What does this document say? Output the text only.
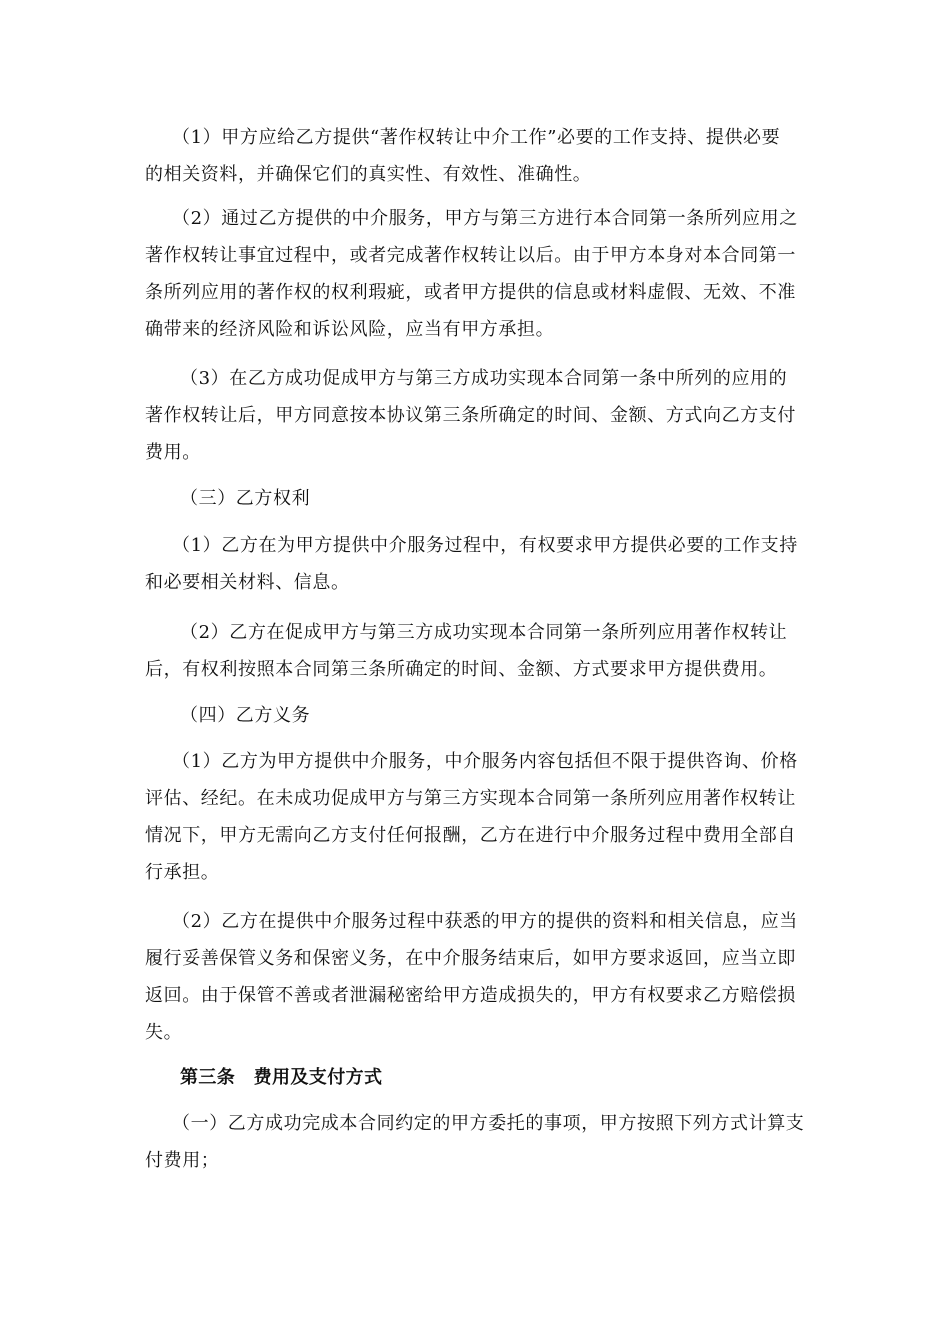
（1）甲方应给乙方提供“著作权转让中介工作”必要的工作支持、提供必要
的相关资料，并确保它们的真实性、有效性、准确性。
（2）通过乙方提供的中介服务，甲方与第三方进行本合同第一条所列应用之
著作权转让事宜过程中，或者完成著作权转让以后。由于甲方本身对本合同第一
条所列应用的著作权的权利瑕疵，或者甲方提供的信息或材料虚假、无效、不准
确带来的经济风险和诉讼风险，应当有甲方承担。
（3）在乙方成功促成甲方与第三方成功实现本合同第一条中所列的应用的
著作权转让后，甲方同意按本协议第三条所确定的时间、金额、方式向乙方支付
费用。
（三）乙方权利
（1）乙方在为甲方提供中介服务过程中，有权要求甲方提供必要的工作支持
和必要相关材料、信息。
（2）乙方在促成甲方与第三方成功实现本合同第一条所列应用著作权转让
后，有权利按照本合同第三条所确定的时间、金额、方式要求甲方提供费用。
（四）乙方义务
（1）乙方为甲方提供中介服务，中介服务内容包括但不限于提供咨询、价格
评估、经纪。在未成功促成甲方与第三方实现本合同第一条所列应用著作权转让
情况下，甲方无需向乙方支付任何报酬，乙方在进行中介服务过程中费用全部自
行承担。
（2）乙方在提供中介服务过程中获悉的甲方的提供的资料和相关信息，应当
履行妥善保管义务和保密义务，在中介服务结束后，如甲方要求返回，应当立即
返回。由于保管不善或者泄漏秘密给甲方造成损失的，甲方有权要求乙方赔偿损
失。
第三条　费用及支付方式
（一）乙方成功完成本合同约定的甲方委托的事项，甲方按照下列方式计算支
付费用；
